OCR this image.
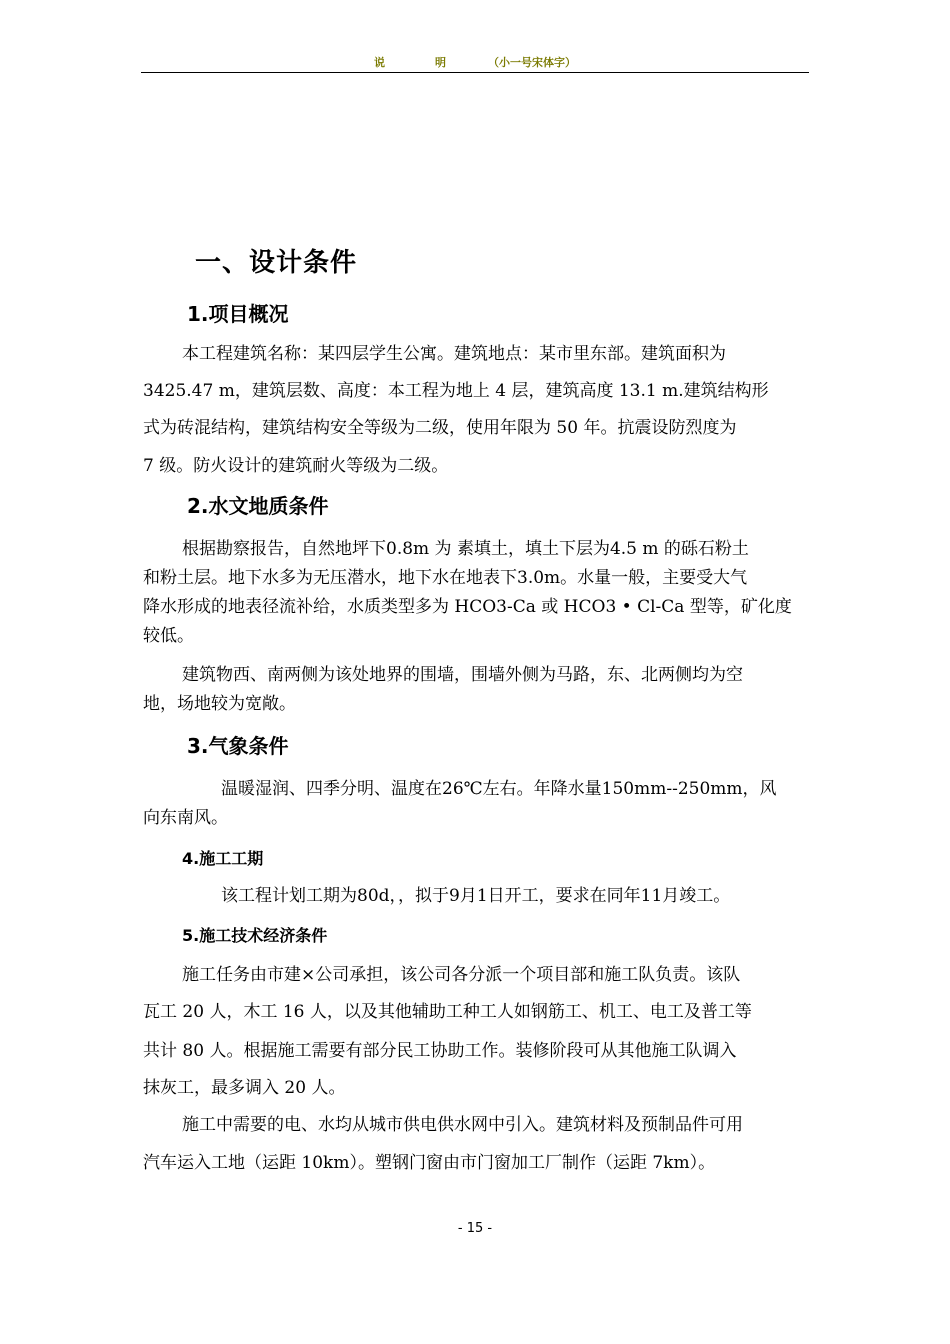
说	明	（小一号宋体字）
一、设计条件
1.项目概况
本工程建筑名称：某四层学生公寓。建筑地点：某市里东部。建筑面积为
3425.47 m，建筑层数、高度：本工程为地上 4 层，建筑高度 13.1 m.建筑结构形
式为砖混结构，建筑结构安全等级为二级，使用年限为 50 年。抗震设防烈度为
7 级。防火设计的建筑耐火等级为二级。
2.水文地质条件
根据勘察报告，自然地坪下0.8m 为 素填土，填土下层为4.5 m 的砾石粉土
和粉土层。地下水多为无压潜水，地下水在地表下3.0m。水量一般，主要受大气
降水形成的地表径流补给，水质类型多为 HCO3-Ca 或 HCO3 • Cl-Ca 型等，矿化度
较低。
建筑物西、南两侧为该处地界的围墙，围墙外侧为马路，东、北两侧均为空
地，场地较为宽敞。
3.气象条件
温暖湿润、四季分明、温度在26℃左右。年降水量150mm--250mm，风
向东南风。
4.施工工期
该工程计划工期为80d，，拟于9月1日开工，要求在同年11月竣工。
5.施工技术经济条件
施工任务由市建×公司承担，该公司各分派一个项目部和施工队负责。该队
瓦工 20 人，木工 16 人，以及其他辅助工种工人如钢筋工、机工、电工及普工等
共计 80 人。根据施工需要有部分民工协助工作。装修阶段可从其他施工队调入
抹灰工，最多调入 20 人。
施工中需要的电、水均从城市供电供水网中引入。建筑材料及预制品件可用
汽车运入工地（运距 10km）。塑钢门窗由市门窗加工厂制作（运距 7km）。
- 15 -
